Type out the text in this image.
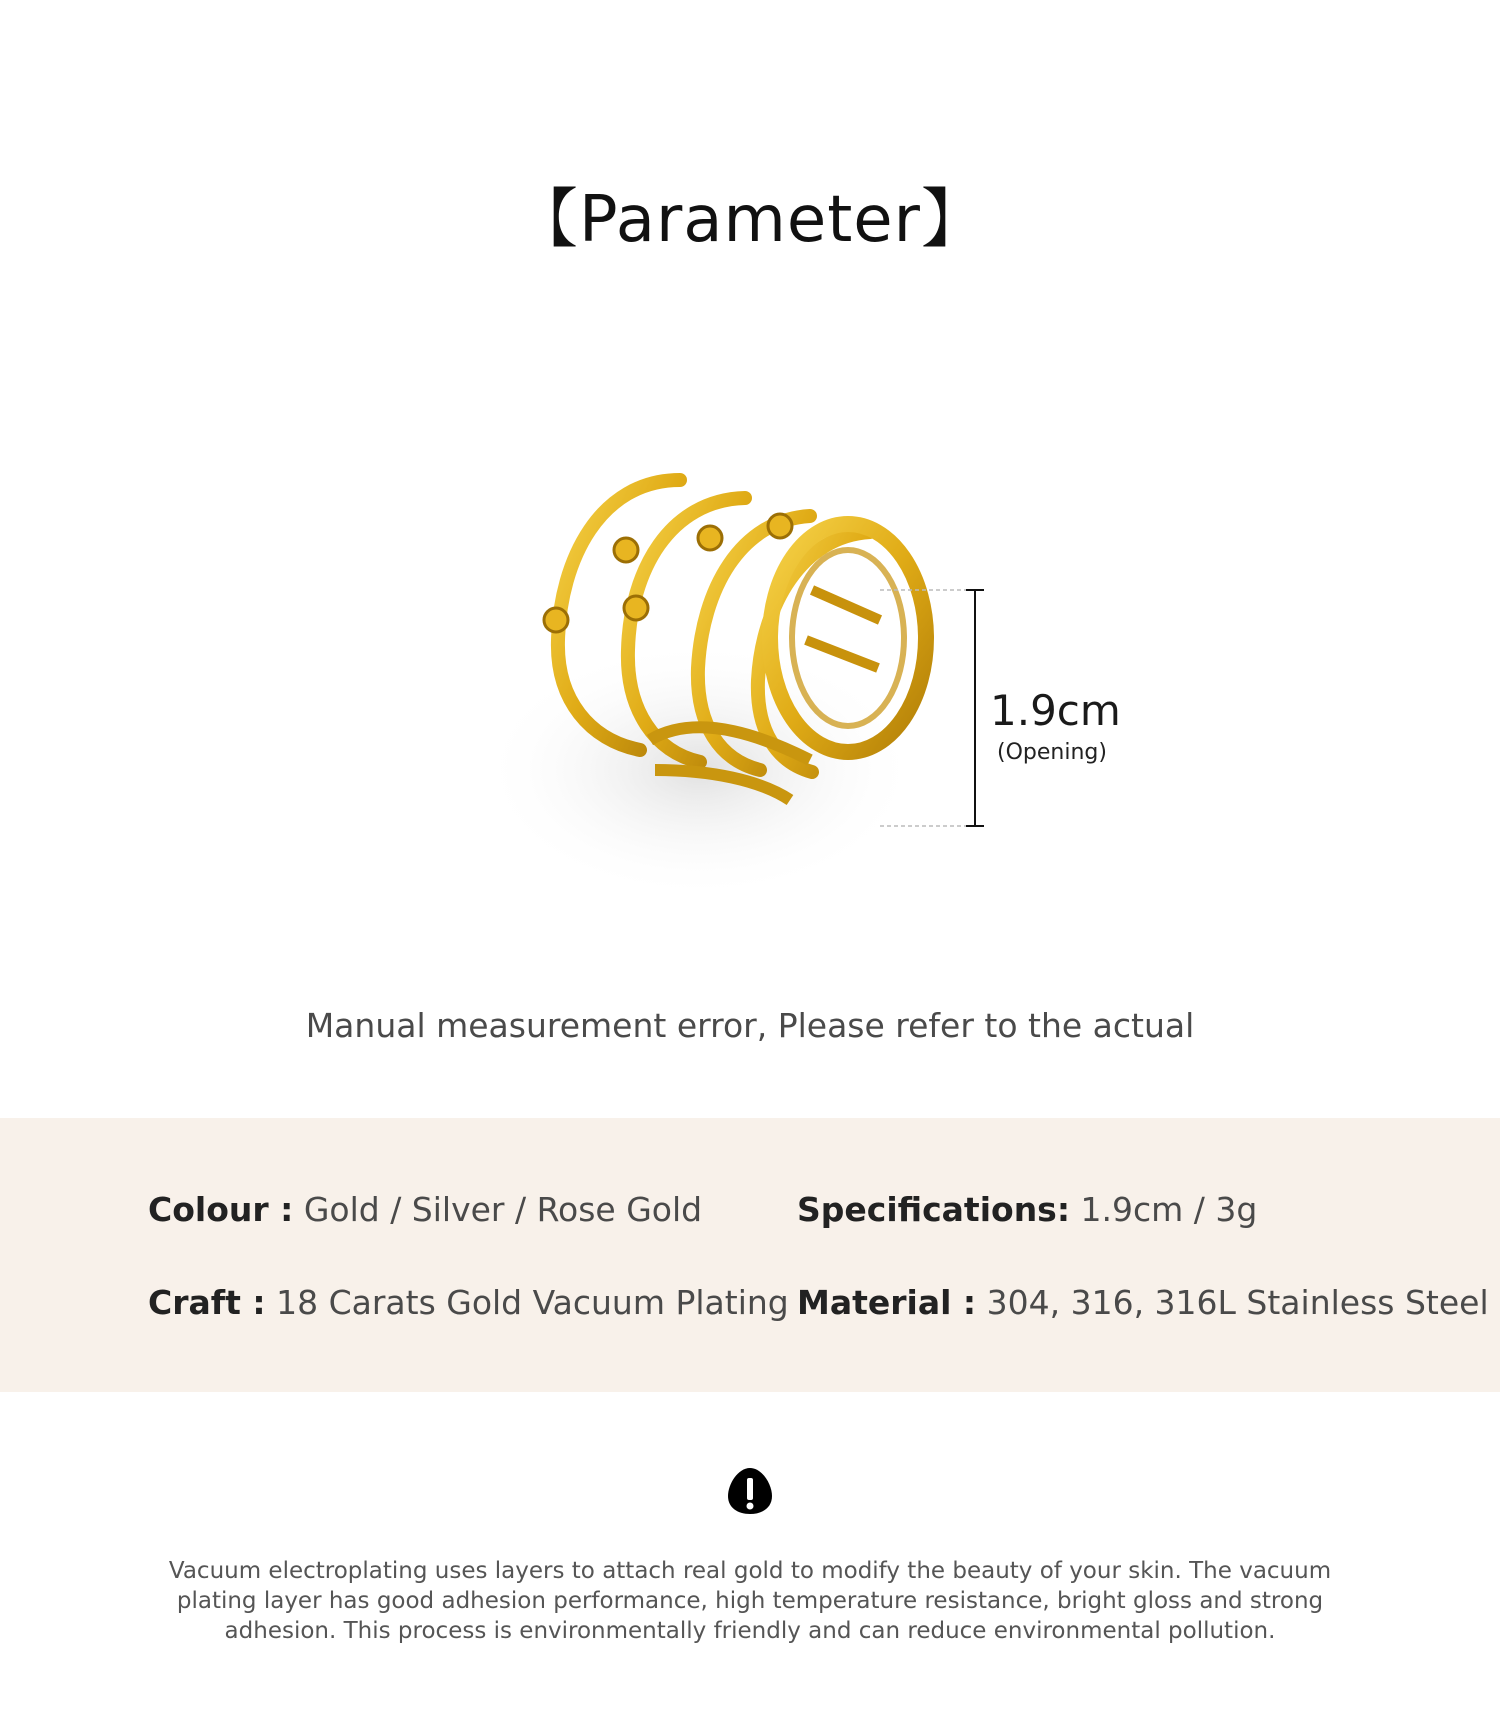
【Parameter】
1.9cm
(Opening)
Manual measurement error, Please refer to the actual
Colour : Gold / Silver / Rose Gold	Specifications: 1.9cm / 3g
Craft : 18 Carats Gold Vacuum Plating Material : 304, 316, 316L Stainless Steel
Vacuum electroplating uses layers to attach real gold to modify the beauty of your skin. The vacuum plating layer has good adhesion performance, high temperature resistance, bright gloss and strong adhesion. This process is environmentally friendly and can reduce environmental pollution.
